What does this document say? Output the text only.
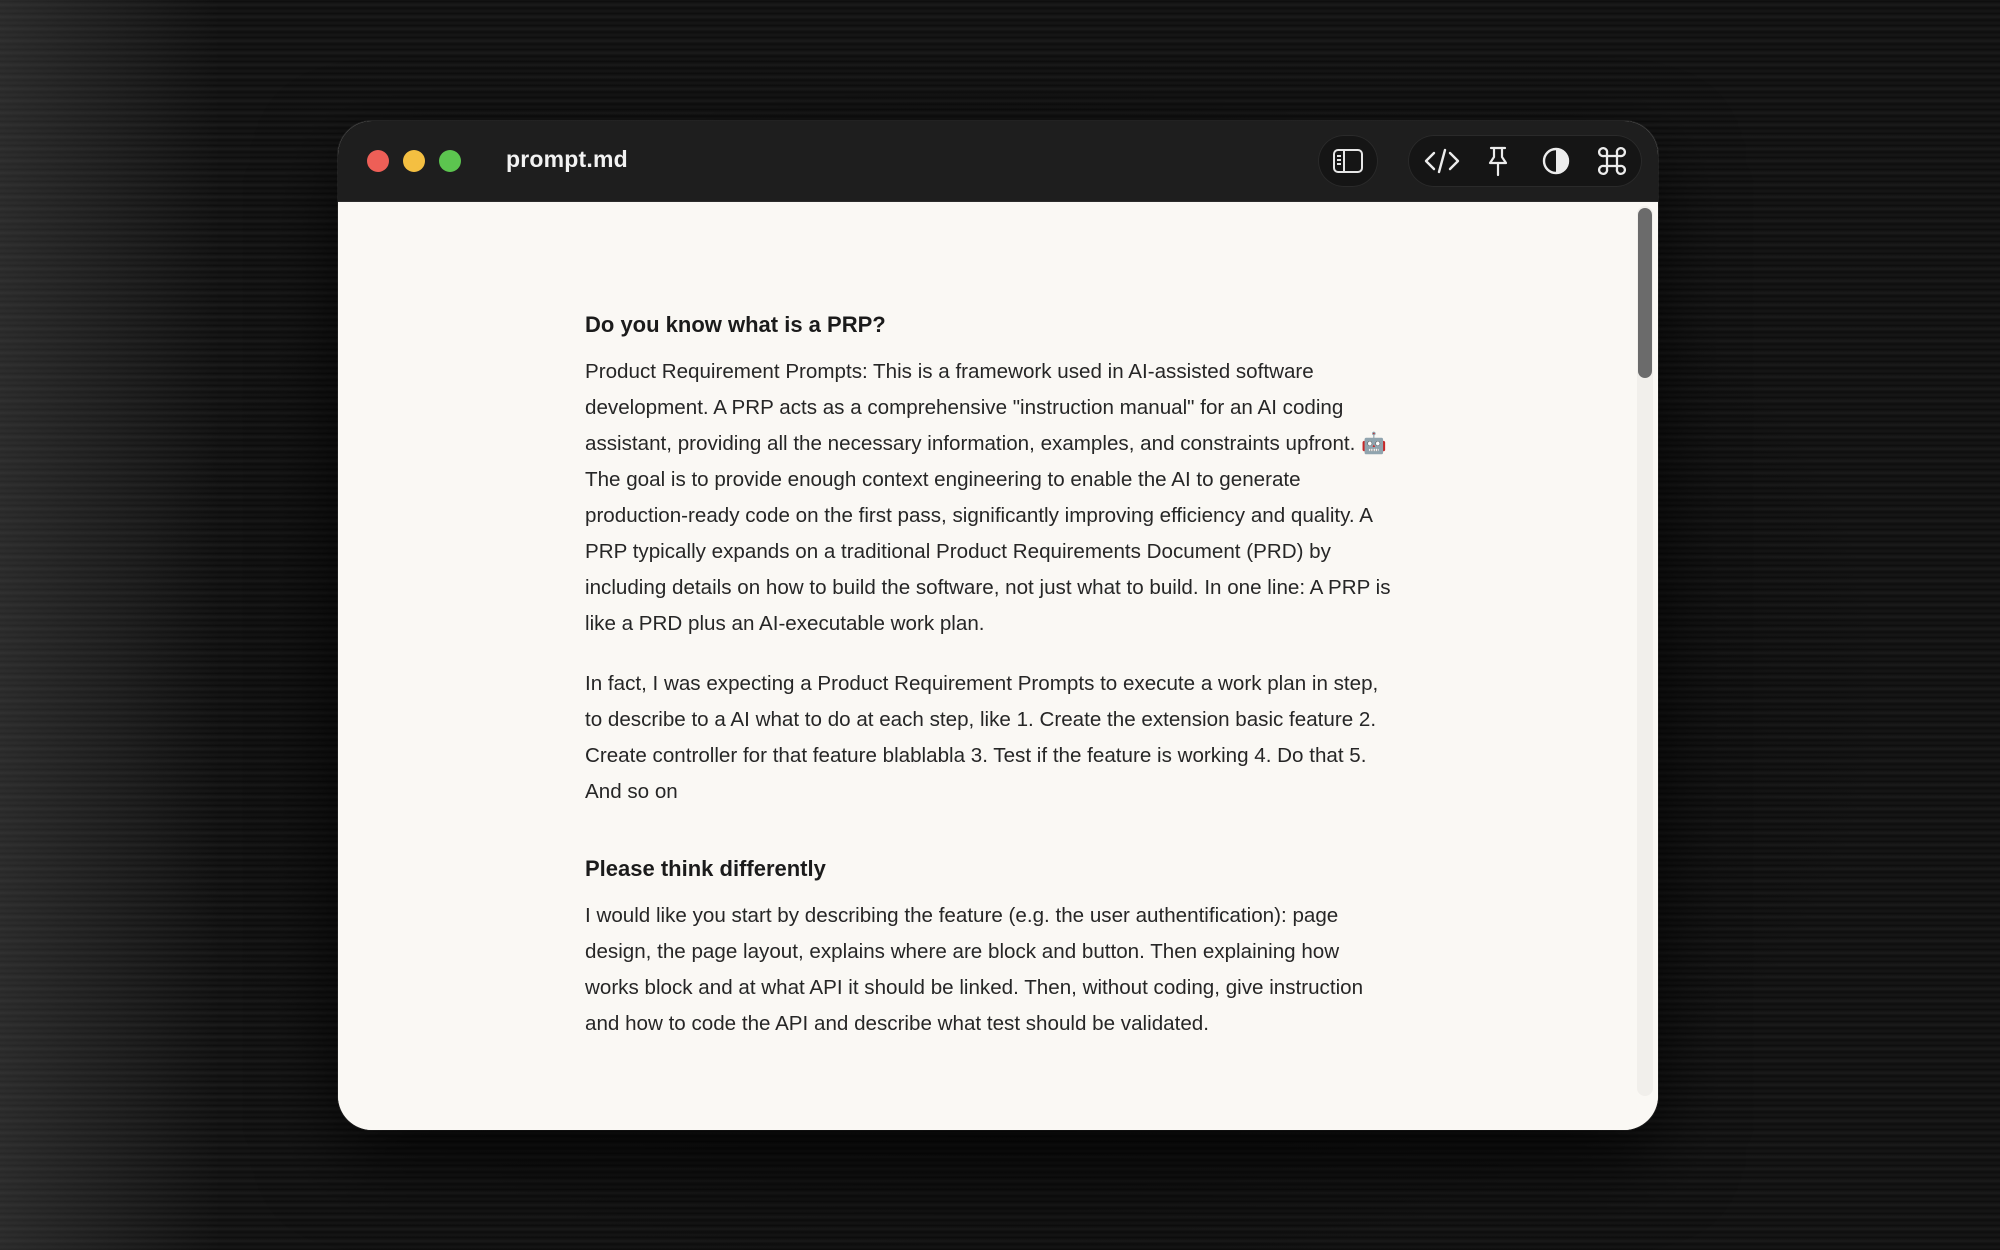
prompt.md
Do you know what is a PRP?

Product Requirement Prompts: This is a framework used in AI-assisted software development. A PRP acts as a comprehensive "instruction manual" for an AI coding assistant, providing all the necessary information, examples, and constraints upfront. 🤖 The goal is to provide enough context engineering to enable the AI to generate production-ready code on the first pass, significantly improving efficiency and quality. A PRP typically expands on a traditional Product Requirements Document (PRD) by including details on how to build the software, not just what to build. In one line: A PRP is like a PRD plus an AI-executable work plan.

In fact, I was expecting a Product Requirement Prompts to execute a work plan in step, to describe to a AI what to do at each step, like 1. Create the extension basic feature 2. Create controller for that feature blablabla 3. Test if the feature is working 4. Do that 5. And so on

Please think differently

I would like you start by describing the feature (e.g. the user authentification): page design, the page layout, explains where are block and button. Then explaining how works block and at what API it should be linked. Then, without coding, give instruction and how to code the API and describe what test should be validated.
